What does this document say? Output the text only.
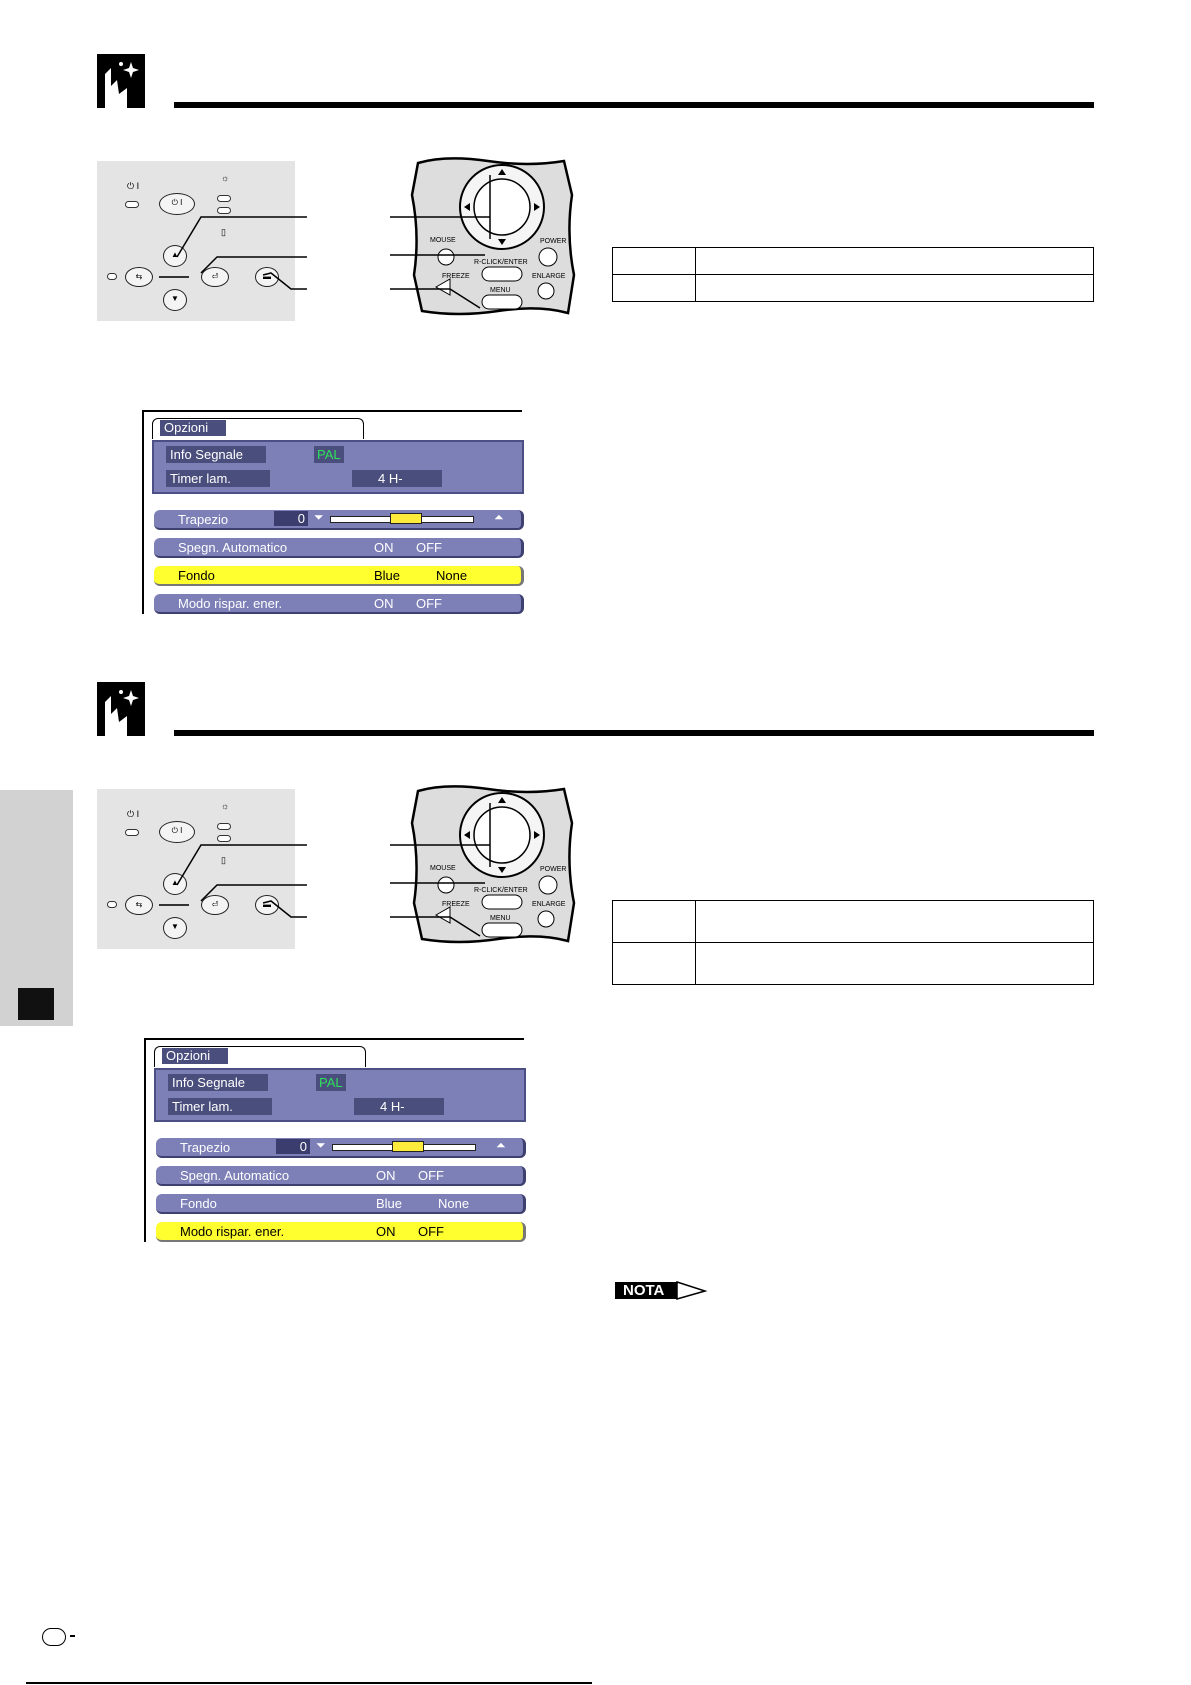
⏻ I
☼
⏻ I
▯
▲
⇆	⏎	▬
▼
MOUSE	POWER
R-CLICK/ENTER
FREEZE	ENLARGE
MENU
Opzioni
Info Segnale	PAL
Timer lam.	4 H-
Trapezio	0 ⏷	⏶
Spegn. Automatico	ON OFF
Fondo	Blue	None
Modo rispar. ener.	ON OFF
⏻ I
☼
⏻ I
▯
▲
⇆	⏎	▬
▼
MOUSE	POWER
R-CLICK/ENTER
FREEZE	ENLARGE
MENU
Opzioni
Info Segnale	PAL
Timer lam.	4 H-
Trapezio	0 ⏷	⏶
Spegn. Automatico	ON OFF
Fondo	Blue	None
Modo rispar. ener.	ON OFF
NOTA
